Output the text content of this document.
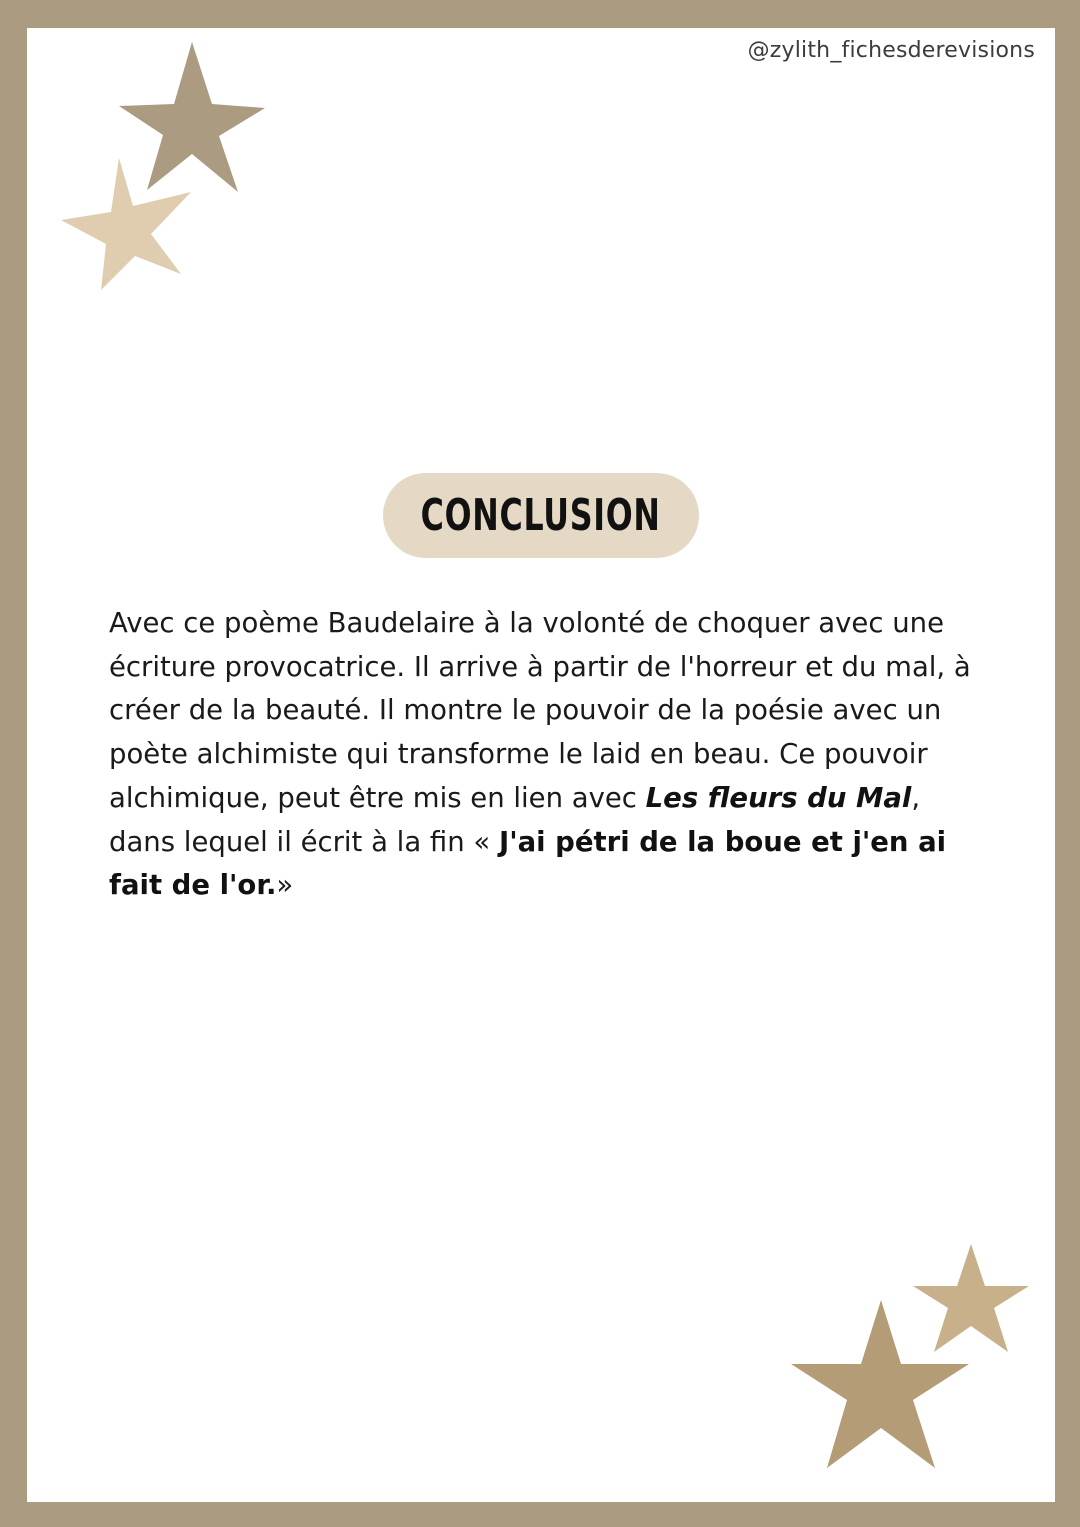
@zylith_fichesderevisions
CONCLUSION

Avec ce poème Baudelaire à la volonté de choquer avec une écriture provocatrice. Il arrive à partir de l'horreur et du mal, à créer de la beauté. Il montre le pouvoir de la poésie avec un poète alchimiste qui transforme le laid en beau. Ce pouvoir alchimique, peut être mis en lien avec Les fleurs du Mal, dans lequel il écrit à la fin « J'ai pétri de la boue et j'en ai fait de l'or.»
